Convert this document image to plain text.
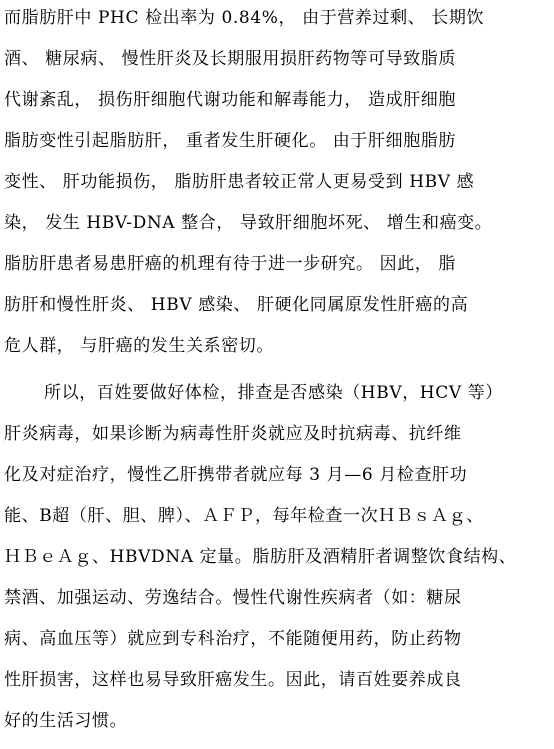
而脂肪肝中 PHC 检出率为 0.84%， 由于营养过剩、 长期饮
酒、 糖尿病、 慢性肝炎及长期服用损肝药物等可导致脂质
代谢紊乱， 损伤肝细胞代谢功能和解毒能力， 造成肝细胞
脂肪变性引起脂肪肝， 重者发生肝硬化。 由于肝细胞脂肪
变性、 肝功能损伤， 脂肪肝患者较正常人更易受到 HBV 感
染， 发生 HBV-DNA 整合， 导致肝细胞坏死、 增生和癌变。
脂肪肝患者易患肝癌的机理有待于进一步研究。 因此， 脂
肪肝和慢性肝炎、 HBV 感染、 肝硬化同属原发性肝癌的高
危人群， 与肝癌的发生关系密切。
所以，百姓要做好体检，排查是否感染（HBV，HCV 等）
肝炎病毒，如果诊断为病毒性肝炎就应及时抗病毒、抗纤维
化及对症治疗，慢性乙肝携带者就应每 3 月—6 月检查肝功
能、B超（肝、胆、脾）、ＡＦＰ，每年检查一次ＨＢｓＡｇ、
ＨＢｅＡｇ、HBVDNA 定量。脂肪肝及酒精肝者调整饮食结构、
禁酒、加强运动、劳逸结合。慢性代谢性疾病者（如：糖尿
病、高血压等）就应到专科治疗，不能随便用药，防止药物
性肝损害，这样也易导致肝癌发生。因此，请百姓要养成良
好的生活习惯。
